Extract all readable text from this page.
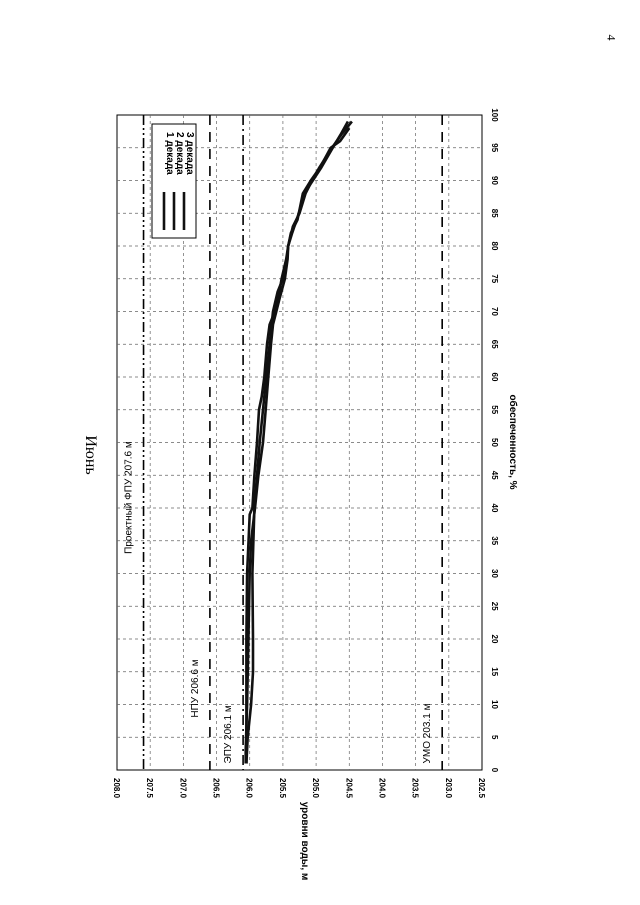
4
Июнь Проектный ФПУ 207.6 м
НПУ 206.6 м
ЭПУ 206.1 м	УМО 203.1 м
202.5
203.0
203.5
204.0
204.5
205.0
205.5
206.0
206.5
207.0
207.5
208.0
0
5
10
15
20
25
30
35
40
45
50
55
60
65
70
75
80
85
90
95
100
уровни воды, м
обеспеченность, %
1 декада 2 декада 3 декада
